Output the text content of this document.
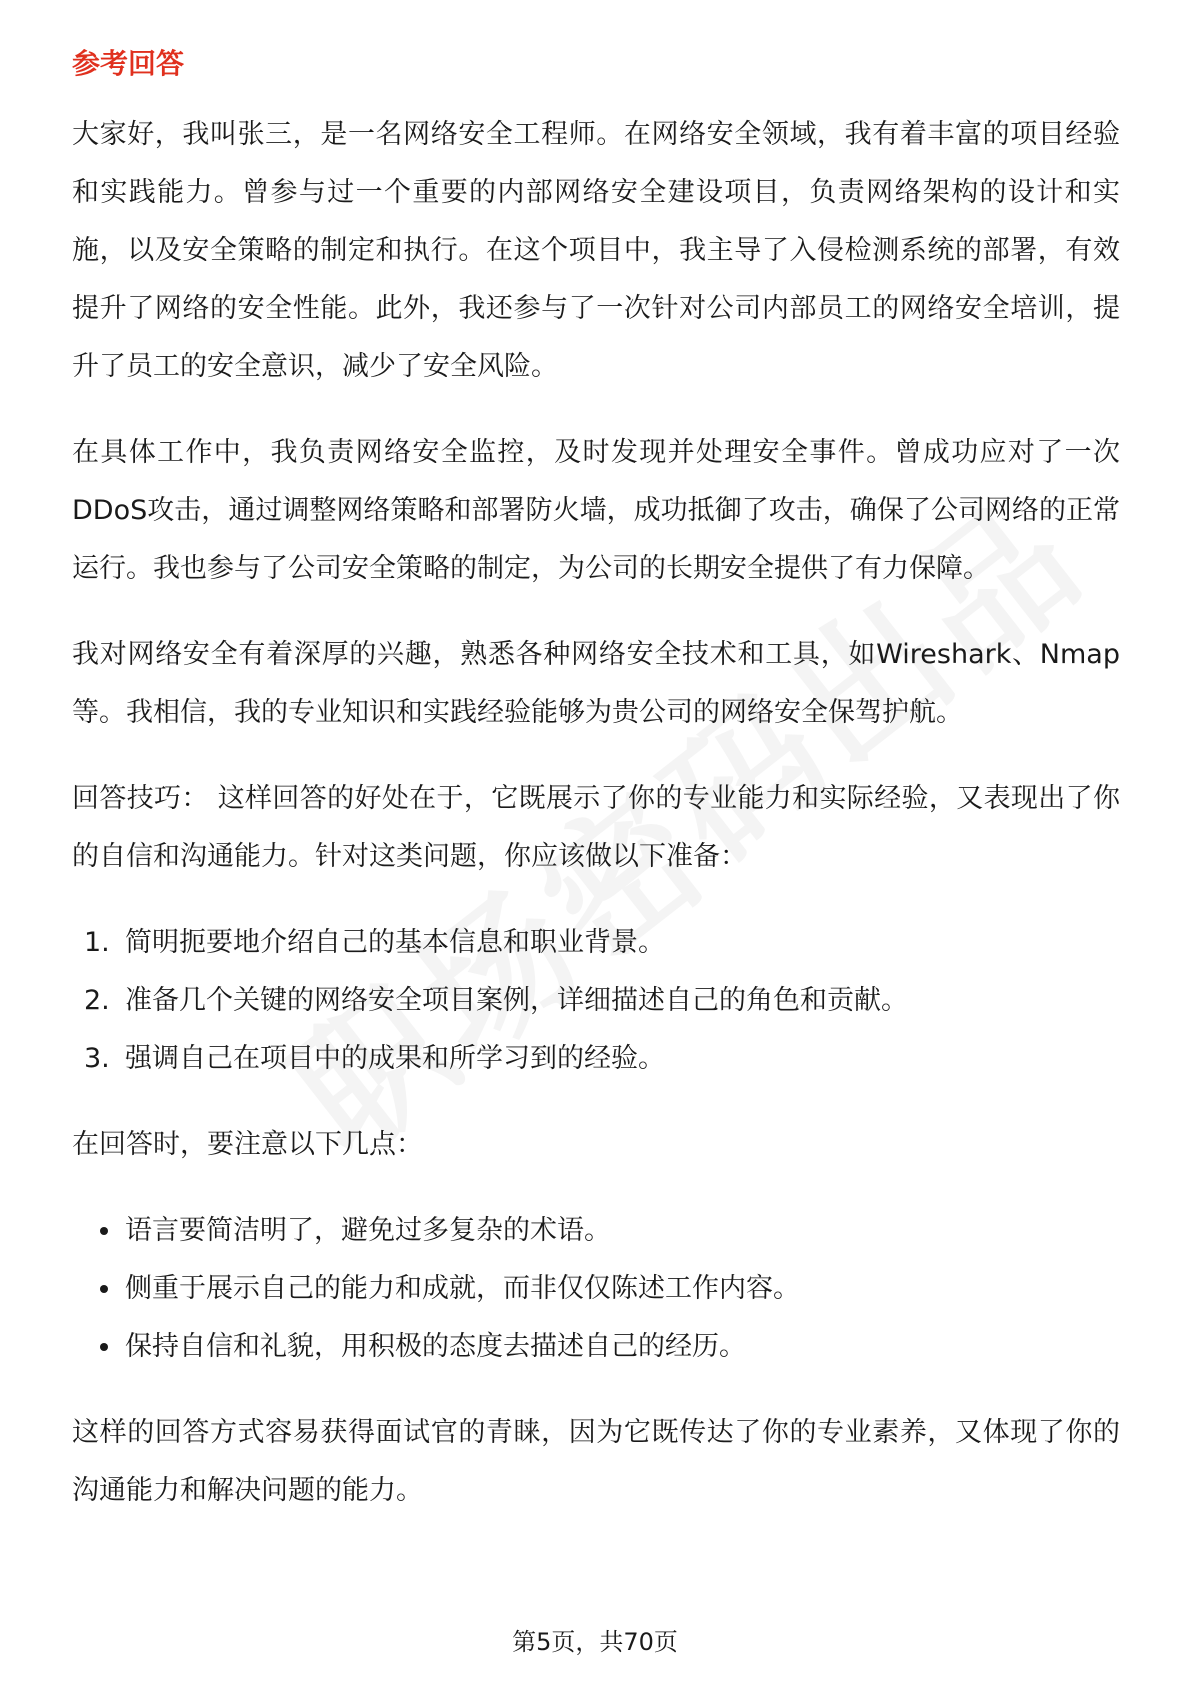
参考回答

大家好，我叫张三，是一名网络安全工程师。在网络安全领域，我有着丰富的项目经验和实践能力。曾参与过一个重要的内部网络安全建设项目，负责网络架构的设计和实施，以及安全策略的制定和执行。在这个项目中，我主导了入侵检测系统的部署，有效提升了网络的安全性能。此外，我还参与了一次针对公司内部员工的网络安全培训，提升了员工的安全意识，减少了安全风险。

在具体工作中，我负责网络安全监控，及时发现并处理安全事件。曾成功应对了一次DDoS攻击，通过调整网络策略和部署防火墙，成功抵御了攻击，确保了公司网络的正常运行。我也参与了公司安全策略的制定，为公司的长期安全提供了有力保障。

我对网络安全有着深厚的兴趣，熟悉各种网络安全技术和工具，如Wireshark、Nmap等。我相信，我的专业知识和实践经验能够为贵公司的网络安全保驾护航。

回答技巧： 这样回答的好处在于，它既展示了你的专业能力和实际经验，又表现出了你的自信和沟通能力。针对这类问题，你应该做以下准备：

1. 简明扼要地介绍自己的基本信息和职业背景。
2. 准备几个关键的网络安全项目案例，详细描述自己的角色和贡献。
3. 强调自己在项目中的成果和所学习到的经验。

在回答时，要注意以下几点：

语言要简洁明了，避免过多复杂的术语。
侧重于展示自己的能力和成就，而非仅仅陈述工作内容。
保持自信和礼貌，用积极的态度去描述自己的经历。

这样的回答方式容易获得面试官的青睐，因为它既传达了你的专业素养，又体现了你的沟通能力和解决问题的能力。

第5页，共70页
